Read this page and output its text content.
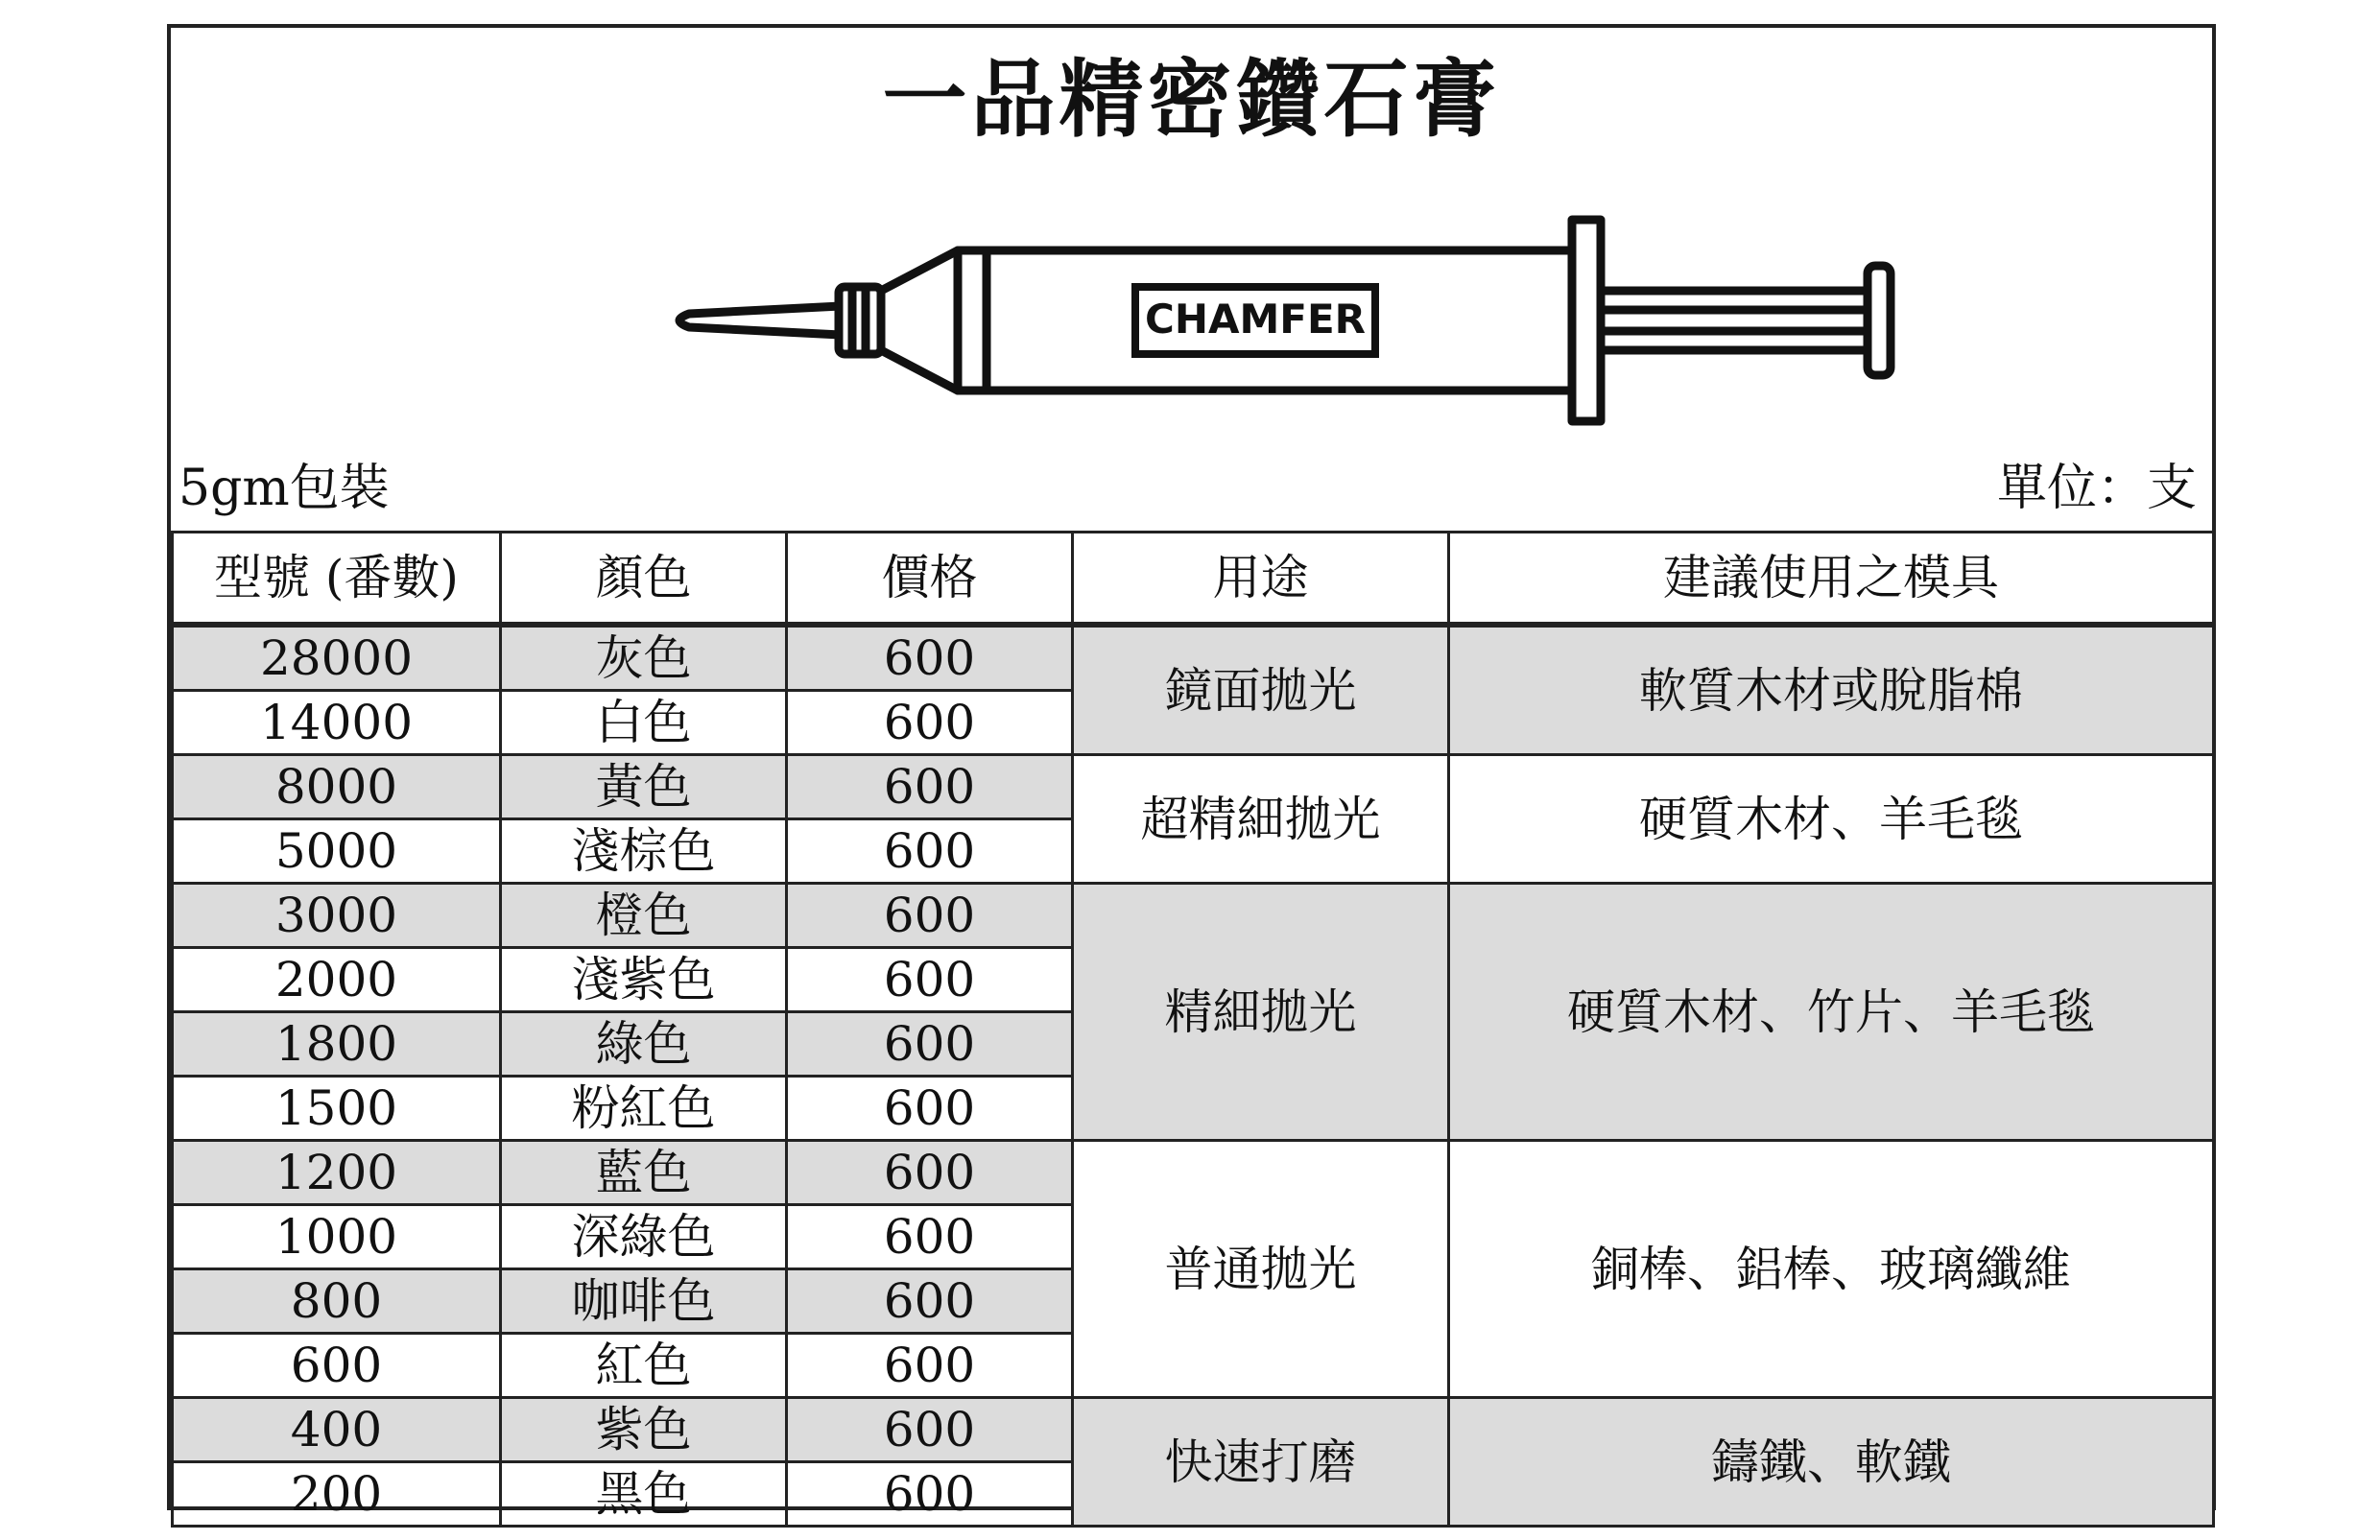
一品精密鑽石膏
CHAMFER
5gm包裝	單位：支
型號 (番數)	顏色	價格	用途	建議使用之模具
28000	灰色	600	鏡面拋光	軟質木材或脫脂棉
14000	白色	600		
8000	黃色	600	超精細拋光	硬質木材、羊毛毯
5000	淺棕色	600		
3000	橙色	600	精細拋光	硬質木材、竹片、羊毛毯
2000	淺紫色	600		
1800	綠色	600		
1500	粉紅色	600		
1200	藍色	600	普通拋光	銅棒、鋁棒、玻璃纖維
1000	深綠色	600		
800	咖啡色	600		
600	紅色	600		
400	紫色	600	快速打磨	鑄鐵、軟鐵
200	黑色	600		
